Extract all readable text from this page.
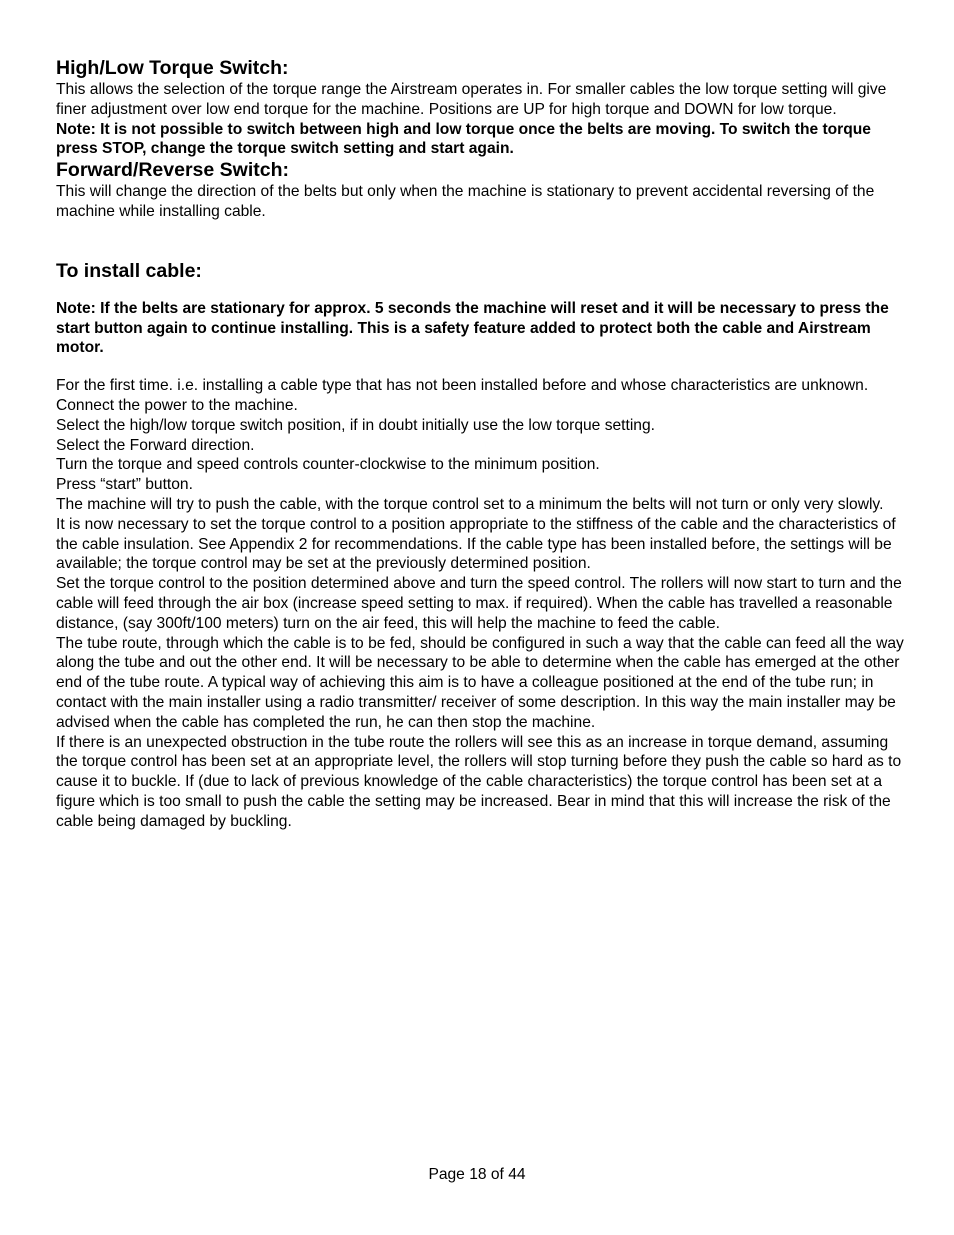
High/Low Torque Switch:

This allows the selection of the torque range the Airstream operates in. For smaller cables the low torque setting will give finer adjustment over low end torque for the machine. Positions are UP for high torque and DOWN for low torque.

Note: It is not possible to switch between high and low torque once the belts are moving. To switch the torque press STOP, change the torque switch setting and start again.

Forward/Reverse Switch:

This will change the direction of the belts but only when the machine is stationary to prevent accidental reversing of the machine while installing cable.

To install cable:

Note: If the belts are stationary for approx. 5 seconds the machine will reset and it will be necessary to press the start button again to continue installing. This is a safety feature added to protect both the cable and Airstream motor.

For the first time. i.e. installing a cable type that has not been installed before and whose characteristics are unknown.

Connect the power to the machine.

Select the high/low torque switch position, if in doubt initially use the low torque setting.

Select the Forward direction.

Turn the torque and speed controls counter-clockwise to the minimum position.

Press “start” button.

The machine will try to push the cable, with the torque control set to a minimum the belts will not turn or only very slowly.

It is now necessary to set the torque control to a position appropriate to the stiffness of the cable and the characteristics of the cable insulation. See Appendix 2 for recommendations. If the cable type has been installed before, the settings will be available; the torque control may be set at the previously determined position.

Set the torque control to the position determined above and turn the speed control. The rollers will now start to turn and the cable will feed through the air box (increase speed setting to max. if required). When the cable has travelled a reasonable distance, (say 300ft/100 meters) turn on the air feed, this will help the machine to feed the cable.

The tube route, through which the cable is to be fed, should be configured in such a way that the cable can feed all the way along the tube and out the other end. It will be necessary to be able to determine when the cable has emerged at the other end of the tube route. A typical way of achieving this aim is to have a colleague positioned at the end of the tube run; in contact with the main installer using a radio transmitter/ receiver of some description. In this way the main installer may be advised when the cable has completed the run, he can then stop the machine.

If there is an unexpected obstruction in the tube route the rollers will see this as an increase in torque demand, assuming the torque control has been set at an appropriate level, the rollers will stop turning before they push the cable so hard as to cause it to buckle. If (due to lack of previous knowledge of the cable characteristics) the torque control has been set at a figure which is too small to push the cable the setting may be increased. Bear in mind that this will increase the risk of the cable being damaged by buckling.

Page 18 of 44
